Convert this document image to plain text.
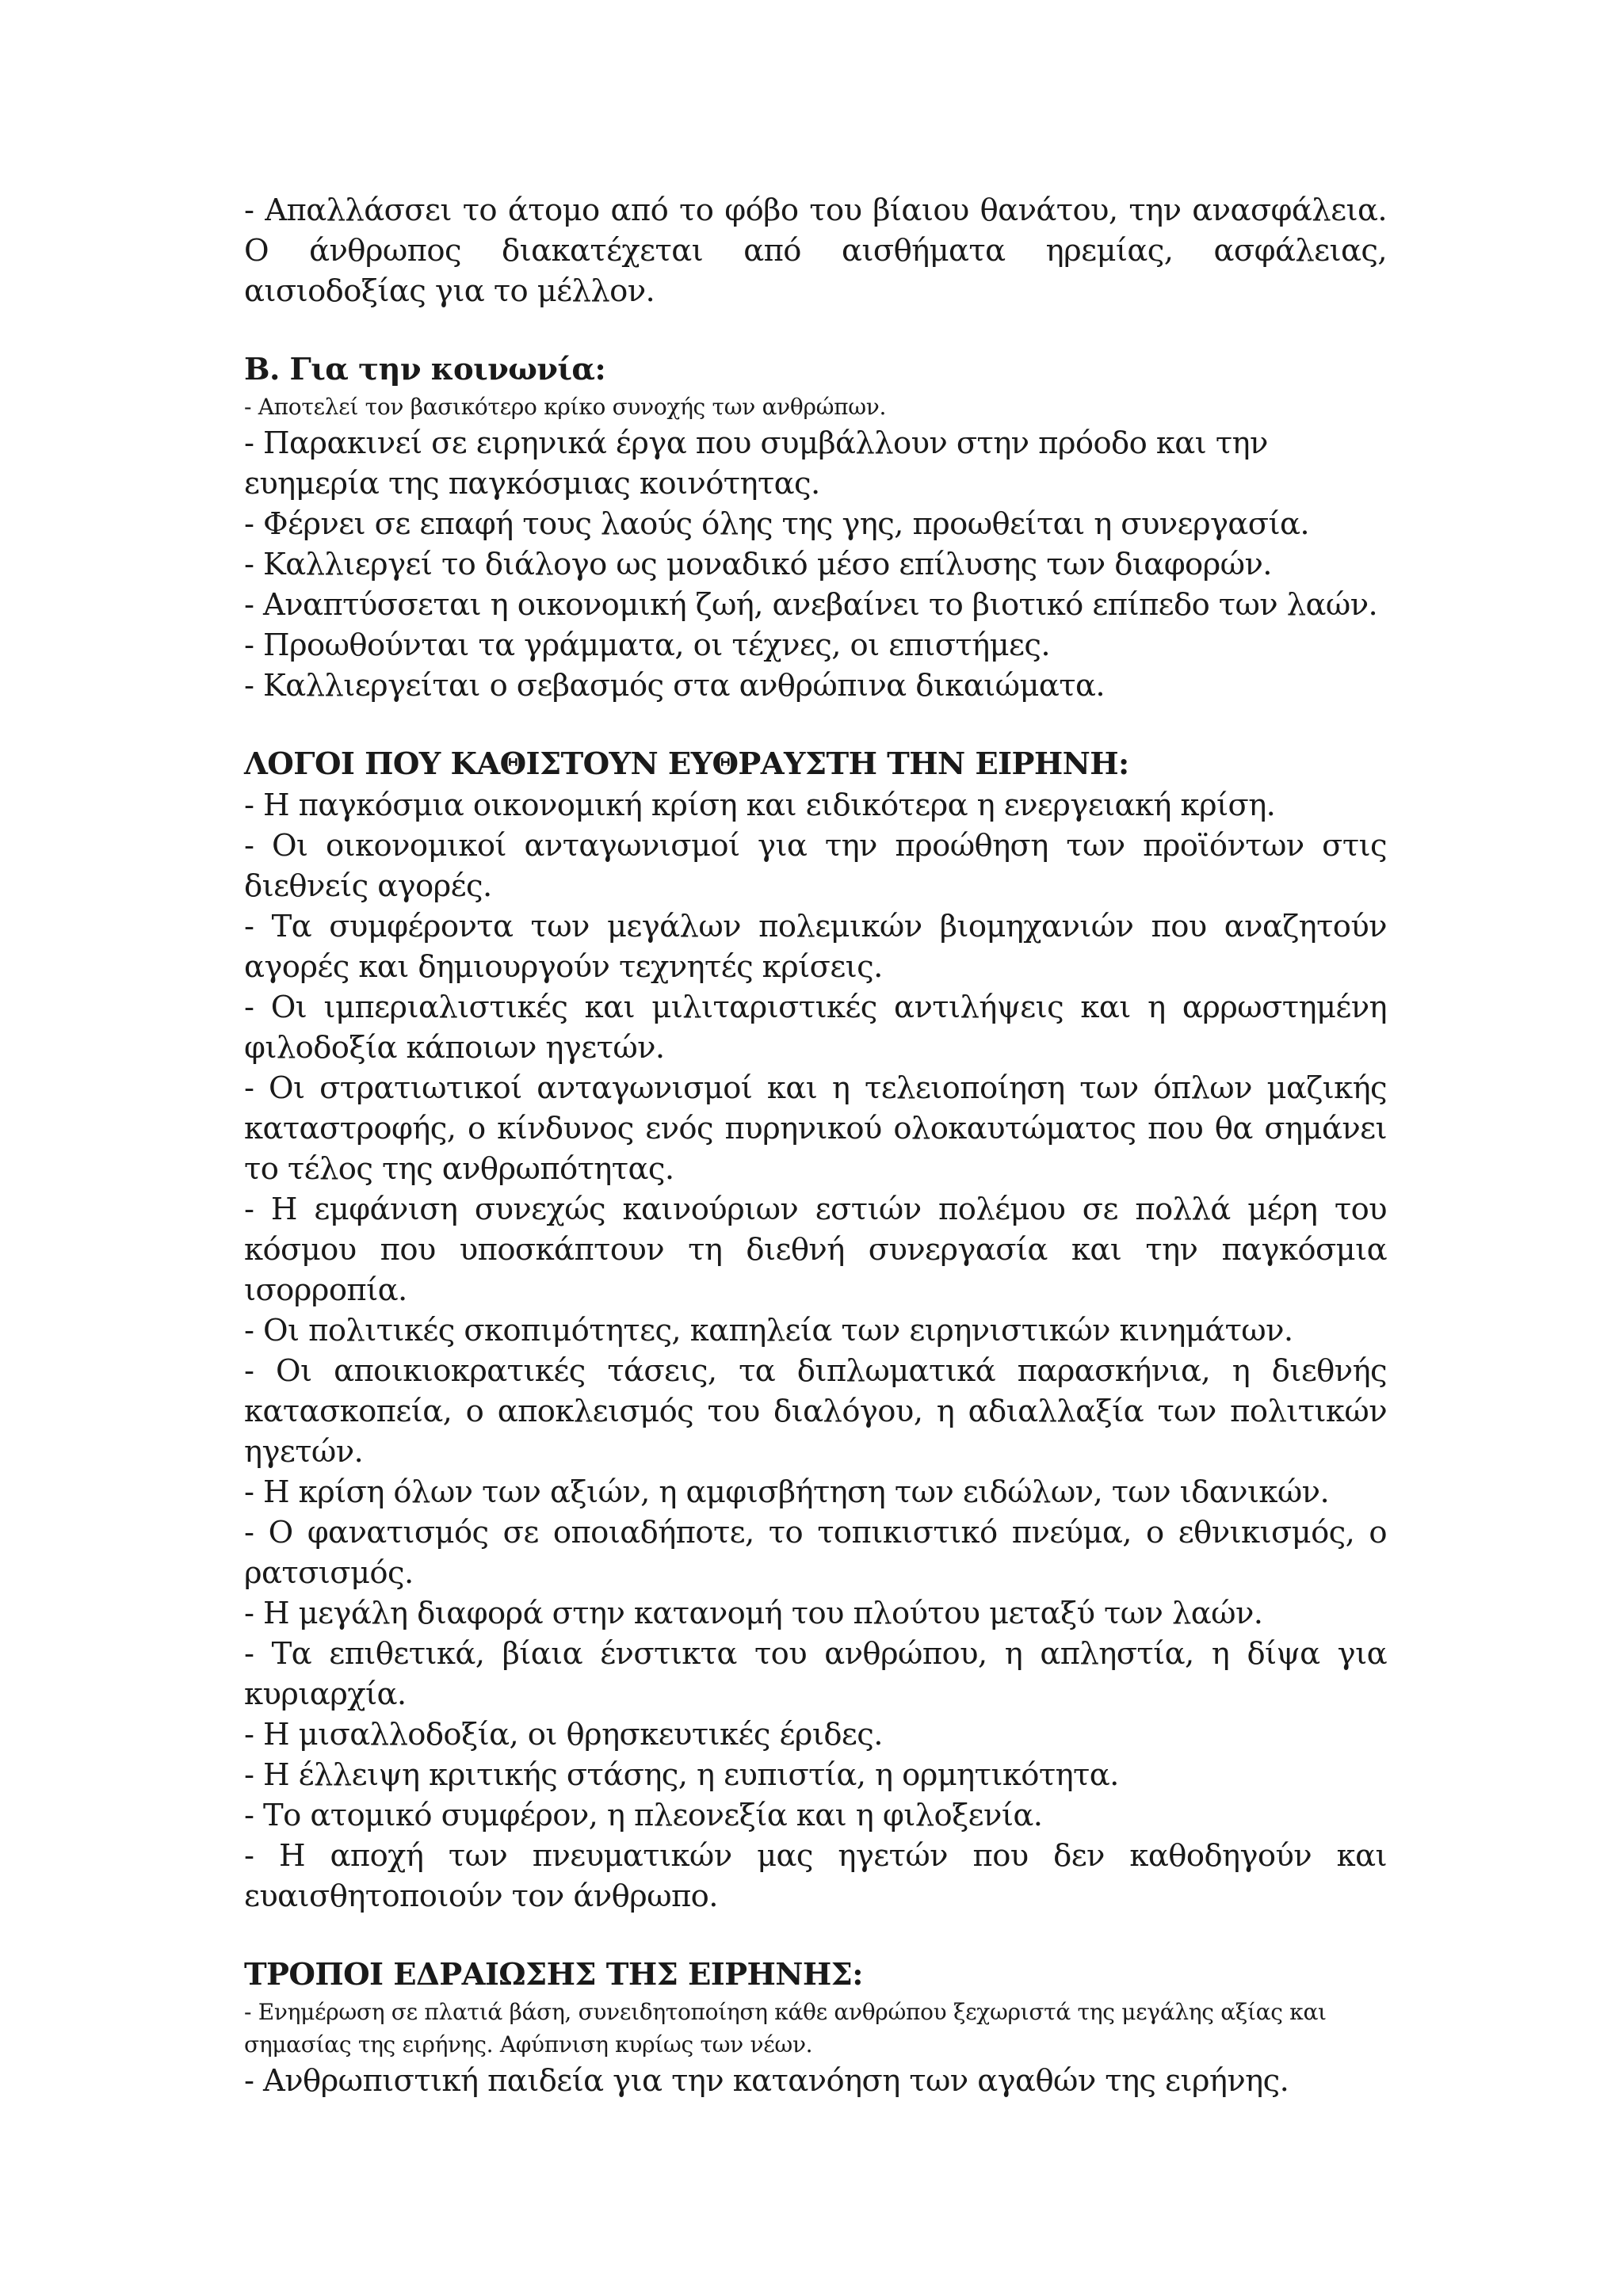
- Απαλλάσσει το άτομο από το φόβο του βίαιου θανάτου, την ανασφάλεια. Ο άνθρωπος διακατέχεται από αισθήματα ηρεμίας, ασφάλειας, αισιοδοξίας για το μέλλον.

Β. Για την κοινωνία:

- Αποτελεί τον βασικότερο κρίκο συνοχής των ανθρώπων.

- Παρακινεί σε ειρηνικά έργα που συμβάλλουν στην πρόοδο και την ευημερία της παγκόσμιας κοινότητας.

- Φέρνει σε επαφή τους λαούς όλης της γης, προωθείται η συνεργασία.

- Καλλιεργεί το διάλογο ως μοναδικό μέσο επίλυσης των διαφορών.

- Αναπτύσσεται η οικονομική ζωή, ανεβαίνει το βιοτικό επίπεδο των λαών.

- Προωθούνται τα γράμματα, οι τέχνες, οι επιστήμες.

- Καλλιεργείται ο σεβασμός στα ανθρώπινα δικαιώματα.

ΛΟΓΟΙ ΠΟΥ ΚΑΘΙΣΤΟΥΝ ΕΥΘΡΑΥΣΤΗ ΤΗΝ ΕΙΡΗΝΗ:

- Η παγκόσμια οικονομική κρίση και ειδικότερα η ενεργειακή κρίση.

- Οι οικονομικοί ανταγωνισμοί για την προώθηση των προϊόντων στις διεθνείς αγορές.

- Τα συμφέροντα των μεγάλων πολεμικών βιομηχανιών που αναζητούν αγορές και δημιουργούν τεχνητές κρίσεις.

- Οι ιμπεριαλιστικές και μιλιταριστικές αντιλήψεις και η αρρωστημένη φιλοδοξία κάποιων ηγετών.

- Οι στρατιωτικοί ανταγωνισμοί και η τελειοποίηση των όπλων μαζικής καταστροφής, ο κίνδυνος ενός πυρηνικού ολοκαυτώματος που θα σημάνει το τέλος της ανθρωπότητας.

- Η εμφάνιση συνεχώς καινούριων εστιών πολέμου σε πολλά μέρη του κόσμου που υποσκάπτουν τη διεθνή συνεργασία και την παγκόσμια ισορροπία.

- Οι πολιτικές σκοπιμότητες, καπηλεία των ειρηνιστικών κινημάτων.

- Οι αποικιοκρατικές τάσεις, τα διπλωματικά παρασκήνια, η διεθνής κατασκοπεία, ο αποκλεισμός του διαλόγου, η αδιαλλαξία των πολιτικών ηγετών.

- Η κρίση όλων των αξιών, η αμφισβήτηση των ειδώλων, των ιδανικών.

- Ο φανατισμός σε οποιαδήποτε, το τοπικιστικό πνεύμα, ο εθνικισμός, ο ρατσισμός.

- Η μεγάλη διαφορά στην κατανομή του πλούτου μεταξύ των λαών.

- Τα επιθετικά, βίαια ένστικτα του ανθρώπου, η απληστία, η δίψα για κυριαρχία.

- Η μισαλλοδοξία, οι θρησκευτικές έριδες.

- Η έλλειψη κριτικής στάσης, η ευπιστία, η ορμητικότητα.

- Το ατομικό συμφέρον, η πλεονεξία και η φιλοξενία.

- Η αποχή των πνευματικών μας ηγετών που δεν καθοδηγούν και ευαισθητοποιούν τον άνθρωπο.

ΤΡΟΠΟΙ ΕΔΡΑΙΩΣΗΣ ΤΗΣ ΕΙΡΗΝΗΣ:

- Ενημέρωση σε πλατιά βάση, συνειδητοποίηση κάθε ανθρώπου ξεχωριστά της μεγάλης αξίας και σημασίας της ειρήνης. Αφύπνιση κυρίως των νέων.

- Ανθρωπιστική παιδεία για την κατανόηση των αγαθών της ειρήνης.
